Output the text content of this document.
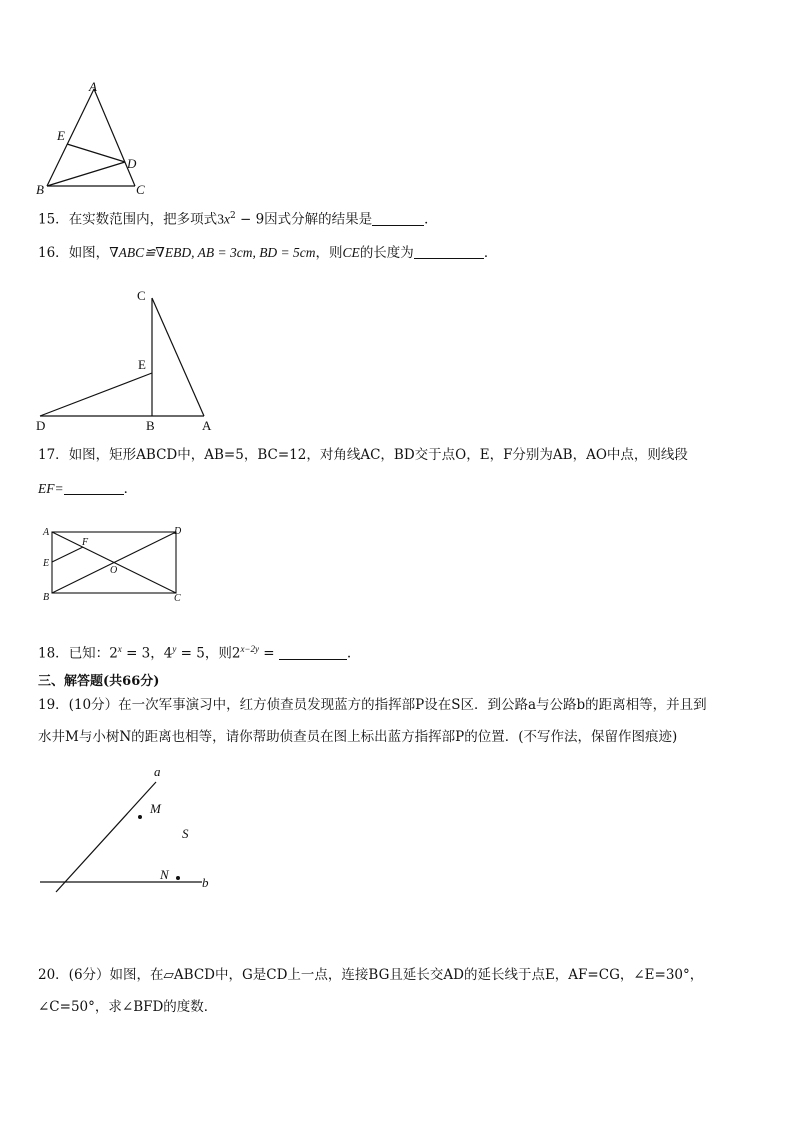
A
E
D
B	C
15．在实数范围内，把多项式$3x^2 - 9$因式分解的结果是	．
16．如图，∇ABC≌∇EBD, AB = 3cm, BD = 5cm，则CE的长度为	．
C
E
D	B	A
17．如图，矩形ABCD中，AB=5，BC=12，对角线AC，BD交于点O，E，F分别为AB，AO中点，则线段
EF=	．
A	D
F
E
O
B	C
18．已知：$2^x = 3$，$4^y = 5$，则$2^{x-2y}$ =	.
三、解答题(共66分)
19．(10分）在一次军事演习中，红方侦查员发现蓝方的指挥部P设在S区．到公路a与公路b的距离相等，并且到
水井M与小树N的距离也相等，请你帮助侦查员在图上标出蓝方指挥部P的位置．(不写作法，保留作图痕迹)
a
M
S
N
b
20．(6分）如图，在▱ABCD中，G是CD上一点，连接BG且延长交AD的延长线于点E，AF=CG，∠E=30°，
∠C=50°，求∠BFD的度数．
